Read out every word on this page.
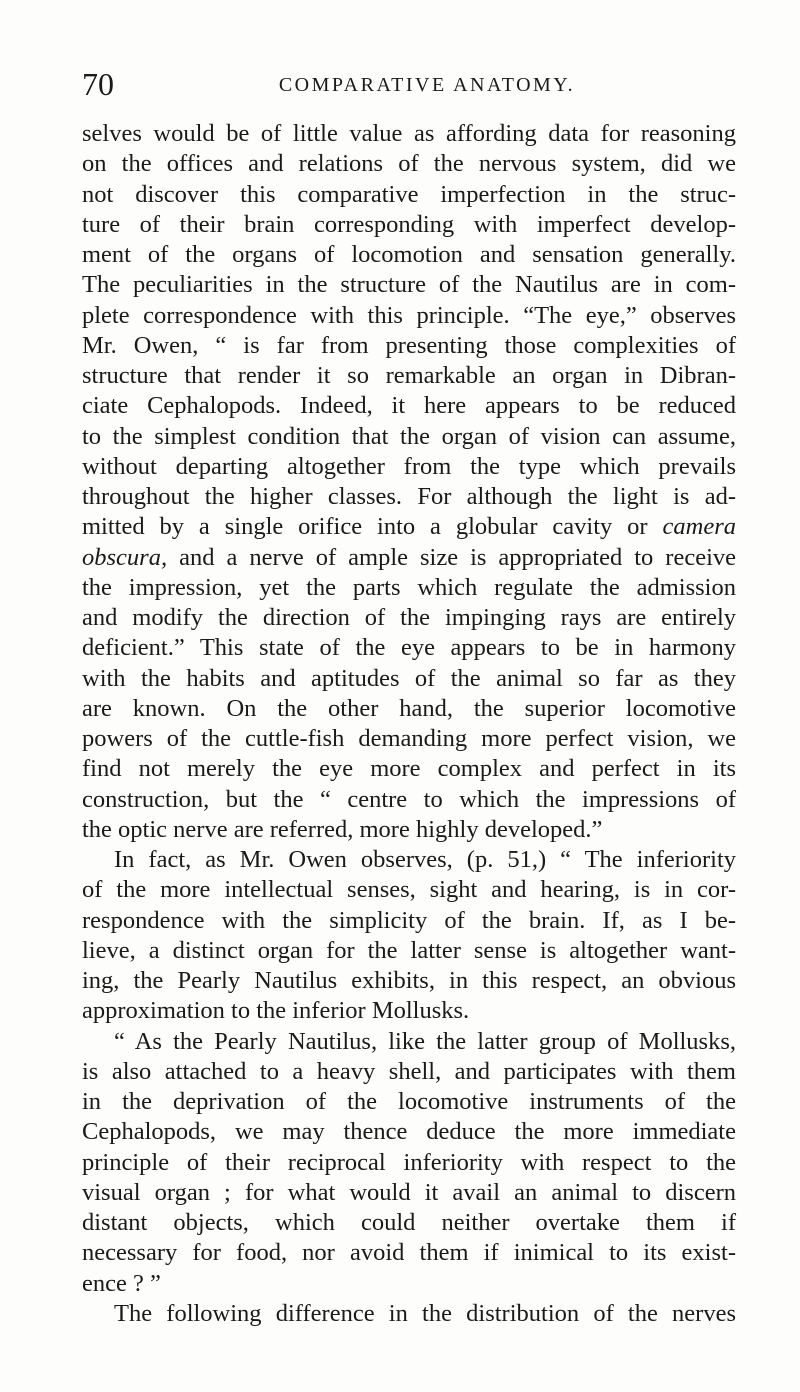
70	COMPARATIVE ANATOMY.
selves would be of little value as affording data for reasoning
on the offices and relations of the nervous system, did we
not discover this comparative imperfection in the struc-
ture of their brain corresponding with imperfect develop-
ment of the organs of locomotion and sensation generally.
The peculiarities in the structure of the Nautilus are in com-
plete correspondence with this principle. “The eye,” observes
Mr. Owen, “ is far from presenting those complexities of
structure that render it so remarkable an organ in Dibran-
ciate Cephalopods. Indeed, it here appears to be reduced
to the simplest condition that the organ of vision can assume,
without departing altogether from the type which prevails
throughout the higher classes. For although the light is ad-
mitted by a single orifice into a globular cavity or camera
obscura, and a nerve of ample size is appropriated to receive
the impression, yet the parts which regulate the admission
and modify the direction of the impinging rays are entirely
deficient.” This state of the eye appears to be in harmony
with the habits and aptitudes of the animal so far as they
are known. On the other hand, the superior locomotive
powers of the cuttle-fish demanding more perfect vision, we
find not merely the eye more complex and perfect in its
construction, but the “ centre to which the impressions of
the optic nerve are referred, more highly developed.”
In fact, as Mr. Owen observes, (p. 51,) “ The inferiority
of the more intellectual senses, sight and hearing, is in cor-
respondence with the simplicity of the brain. If, as I be-
lieve, a distinct organ for the latter sense is altogether want-
ing, the Pearly Nautilus exhibits, in this respect, an obvious
approximation to the inferior Mollusks.
“ As the Pearly Nautilus, like the latter group of Mollusks,
is also attached to a heavy shell, and participates with them
in the deprivation of the locomotive instruments of the
Cephalopods, we may thence deduce the more immediate
principle of their reciprocal inferiority with respect to the
visual organ ; for what would it avail an animal to discern
distant objects, which could neither overtake them if
necessary for food, nor avoid them if inimical to its exist-
ence ? ”
The following difference in the distribution of the nerves
